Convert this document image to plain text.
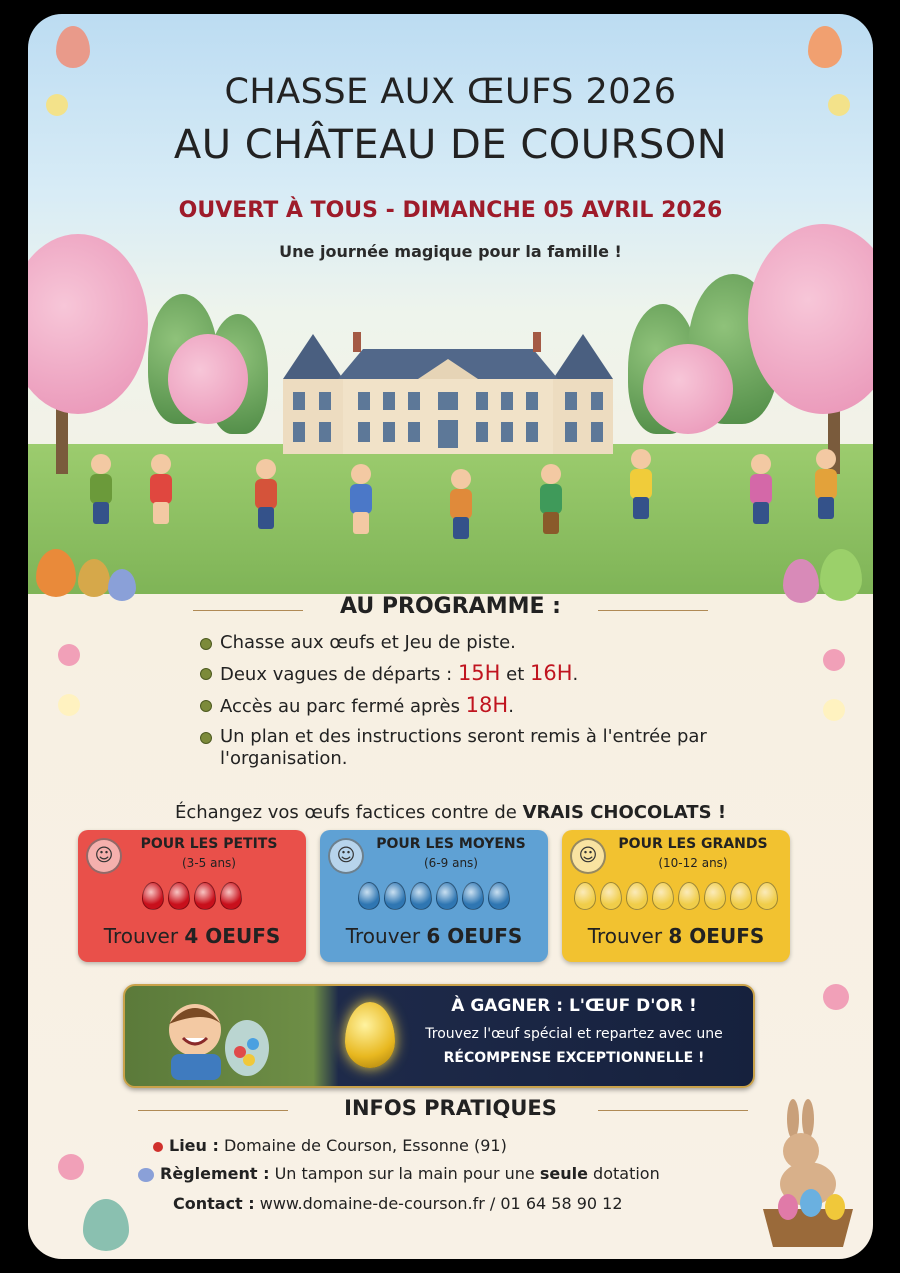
CHASSE AUX ŒUFS 2026
AU CHÂTEAU DE COURSON
OUVERT À TOUS - DIMANCHE 05 AVRIL 2026
Une journée magique pour la famille !
AU PROGRAMME :
Chasse aux œufs et Jeu de piste.
Deux vagues de départs : 15H et 16H.
Accès au parc fermé après 18H.
Un plan et des instructions seront remis à l'entrée par l'organisation.
Échangez vos œufs factices contre de VRAIS CHOCOLATS !
☺
POUR LES PETITS
(3-5 ans)
Trouver 4 OEUFS
☺
POUR LES MOYENS
(6-9 ans)
Trouver 6 OEUFS
☺
POUR LES GRANDS
(10-12 ans)
Trouver 8 OEUFS
À GAGNER : L'ŒUF D'OR !
Trouvez l'œuf spécial et repartez avec une
RÉCOMPENSE EXCEPTIONNELLE !
INFOS PRATIQUES
Lieu : Domaine de Courson, Essonne (91)
Règlement : Un tampon sur la main pour une seule dotation
Contact : www.domaine-de-courson.fr / 01 64 58 90 12
